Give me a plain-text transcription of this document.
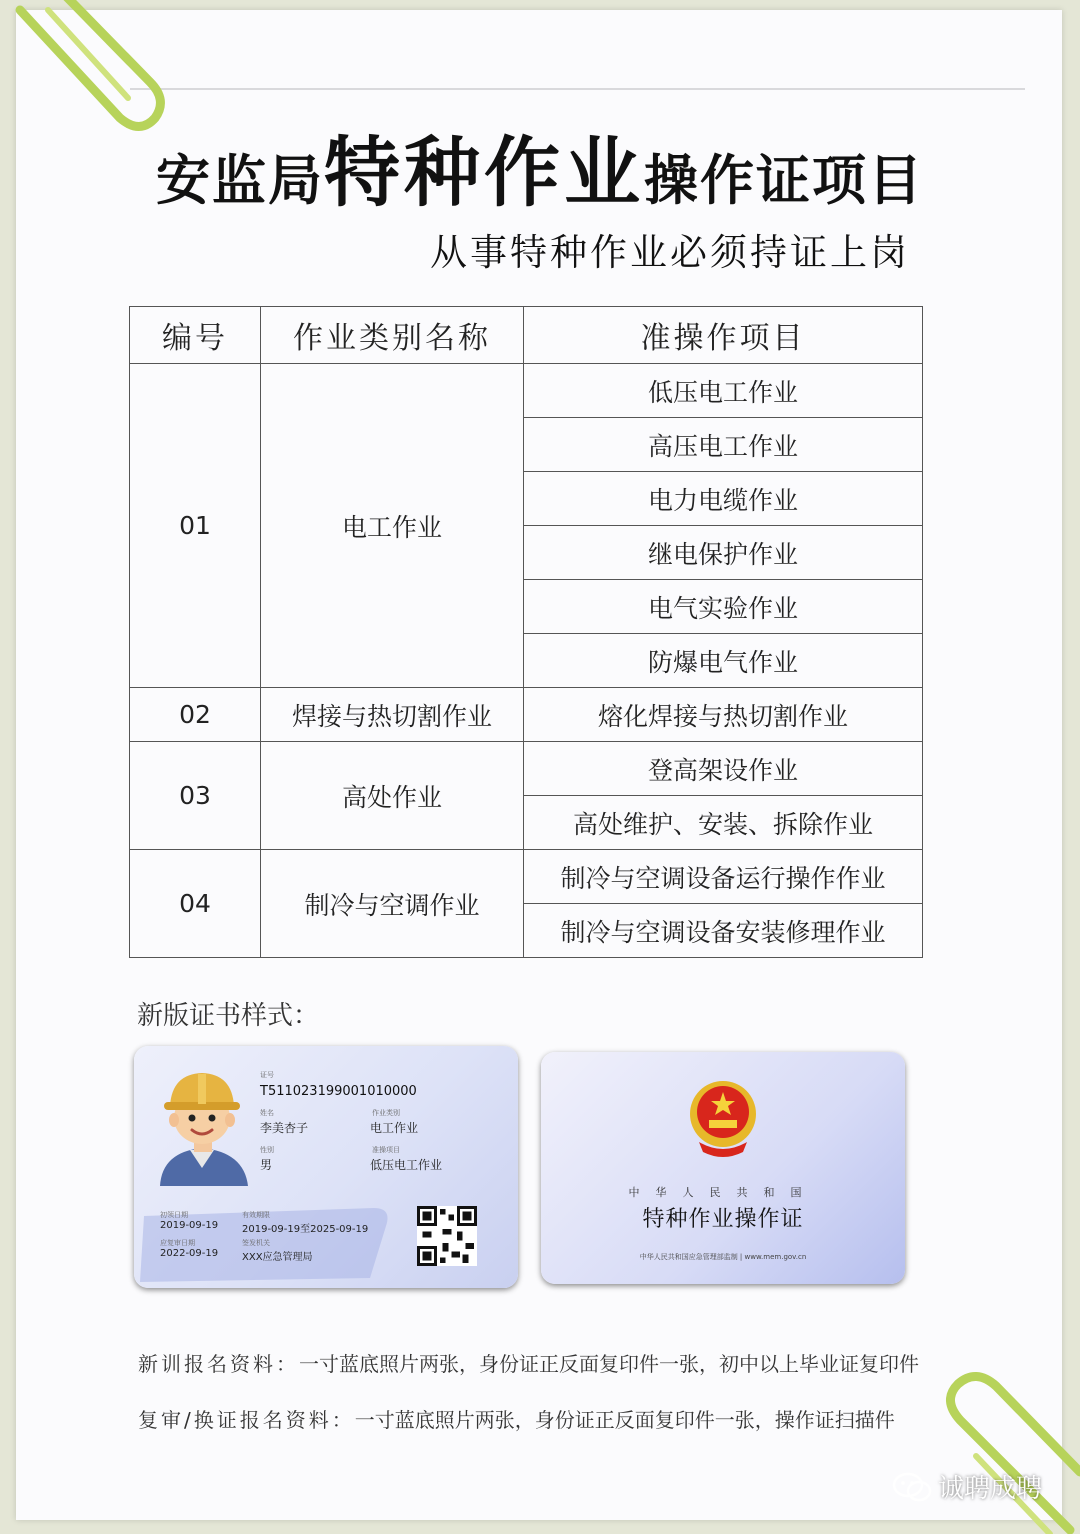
安监局特种作业操作证项目
从事特种作业必须持证上岗
编号	作业类别名称	准操作项目
01	电工作业	低压电工作业
		高压电工作业
		电力电缆作业
		继电保护作业
		电气实验作业
		防爆电气作业
02	焊接与热切割作业	熔化焊接与热切割作业
03	高处作业	登高架设作业
		高处维护、安装、拆除作业
04	制冷与空调作业	制冷与空调设备运行操作作业
		制冷与空调设备安装修理作业
新版证书样式：
证号
T511023199001010000
姓名
李美杏子
作业类别
电工作业
性别
男
准操项目
低压电工作业
初领日期
2019-09-19
应复审日期
2022-09-19
有效期限
2019-09-19至2025-09-19
签发机关
XXX应急管理局
中华人民共和国
特种作业操作证
中华人民共和国应急管理部监制 | www.mem.gov.cn
新训报名资料：一寸蓝底照片两张，身份证正反面复印件一张，初中以上毕业证复印件
复审/换证报名资料：一寸蓝底照片两张，身份证正反面复印件一张，操作证扫描件
诚聘成聘
